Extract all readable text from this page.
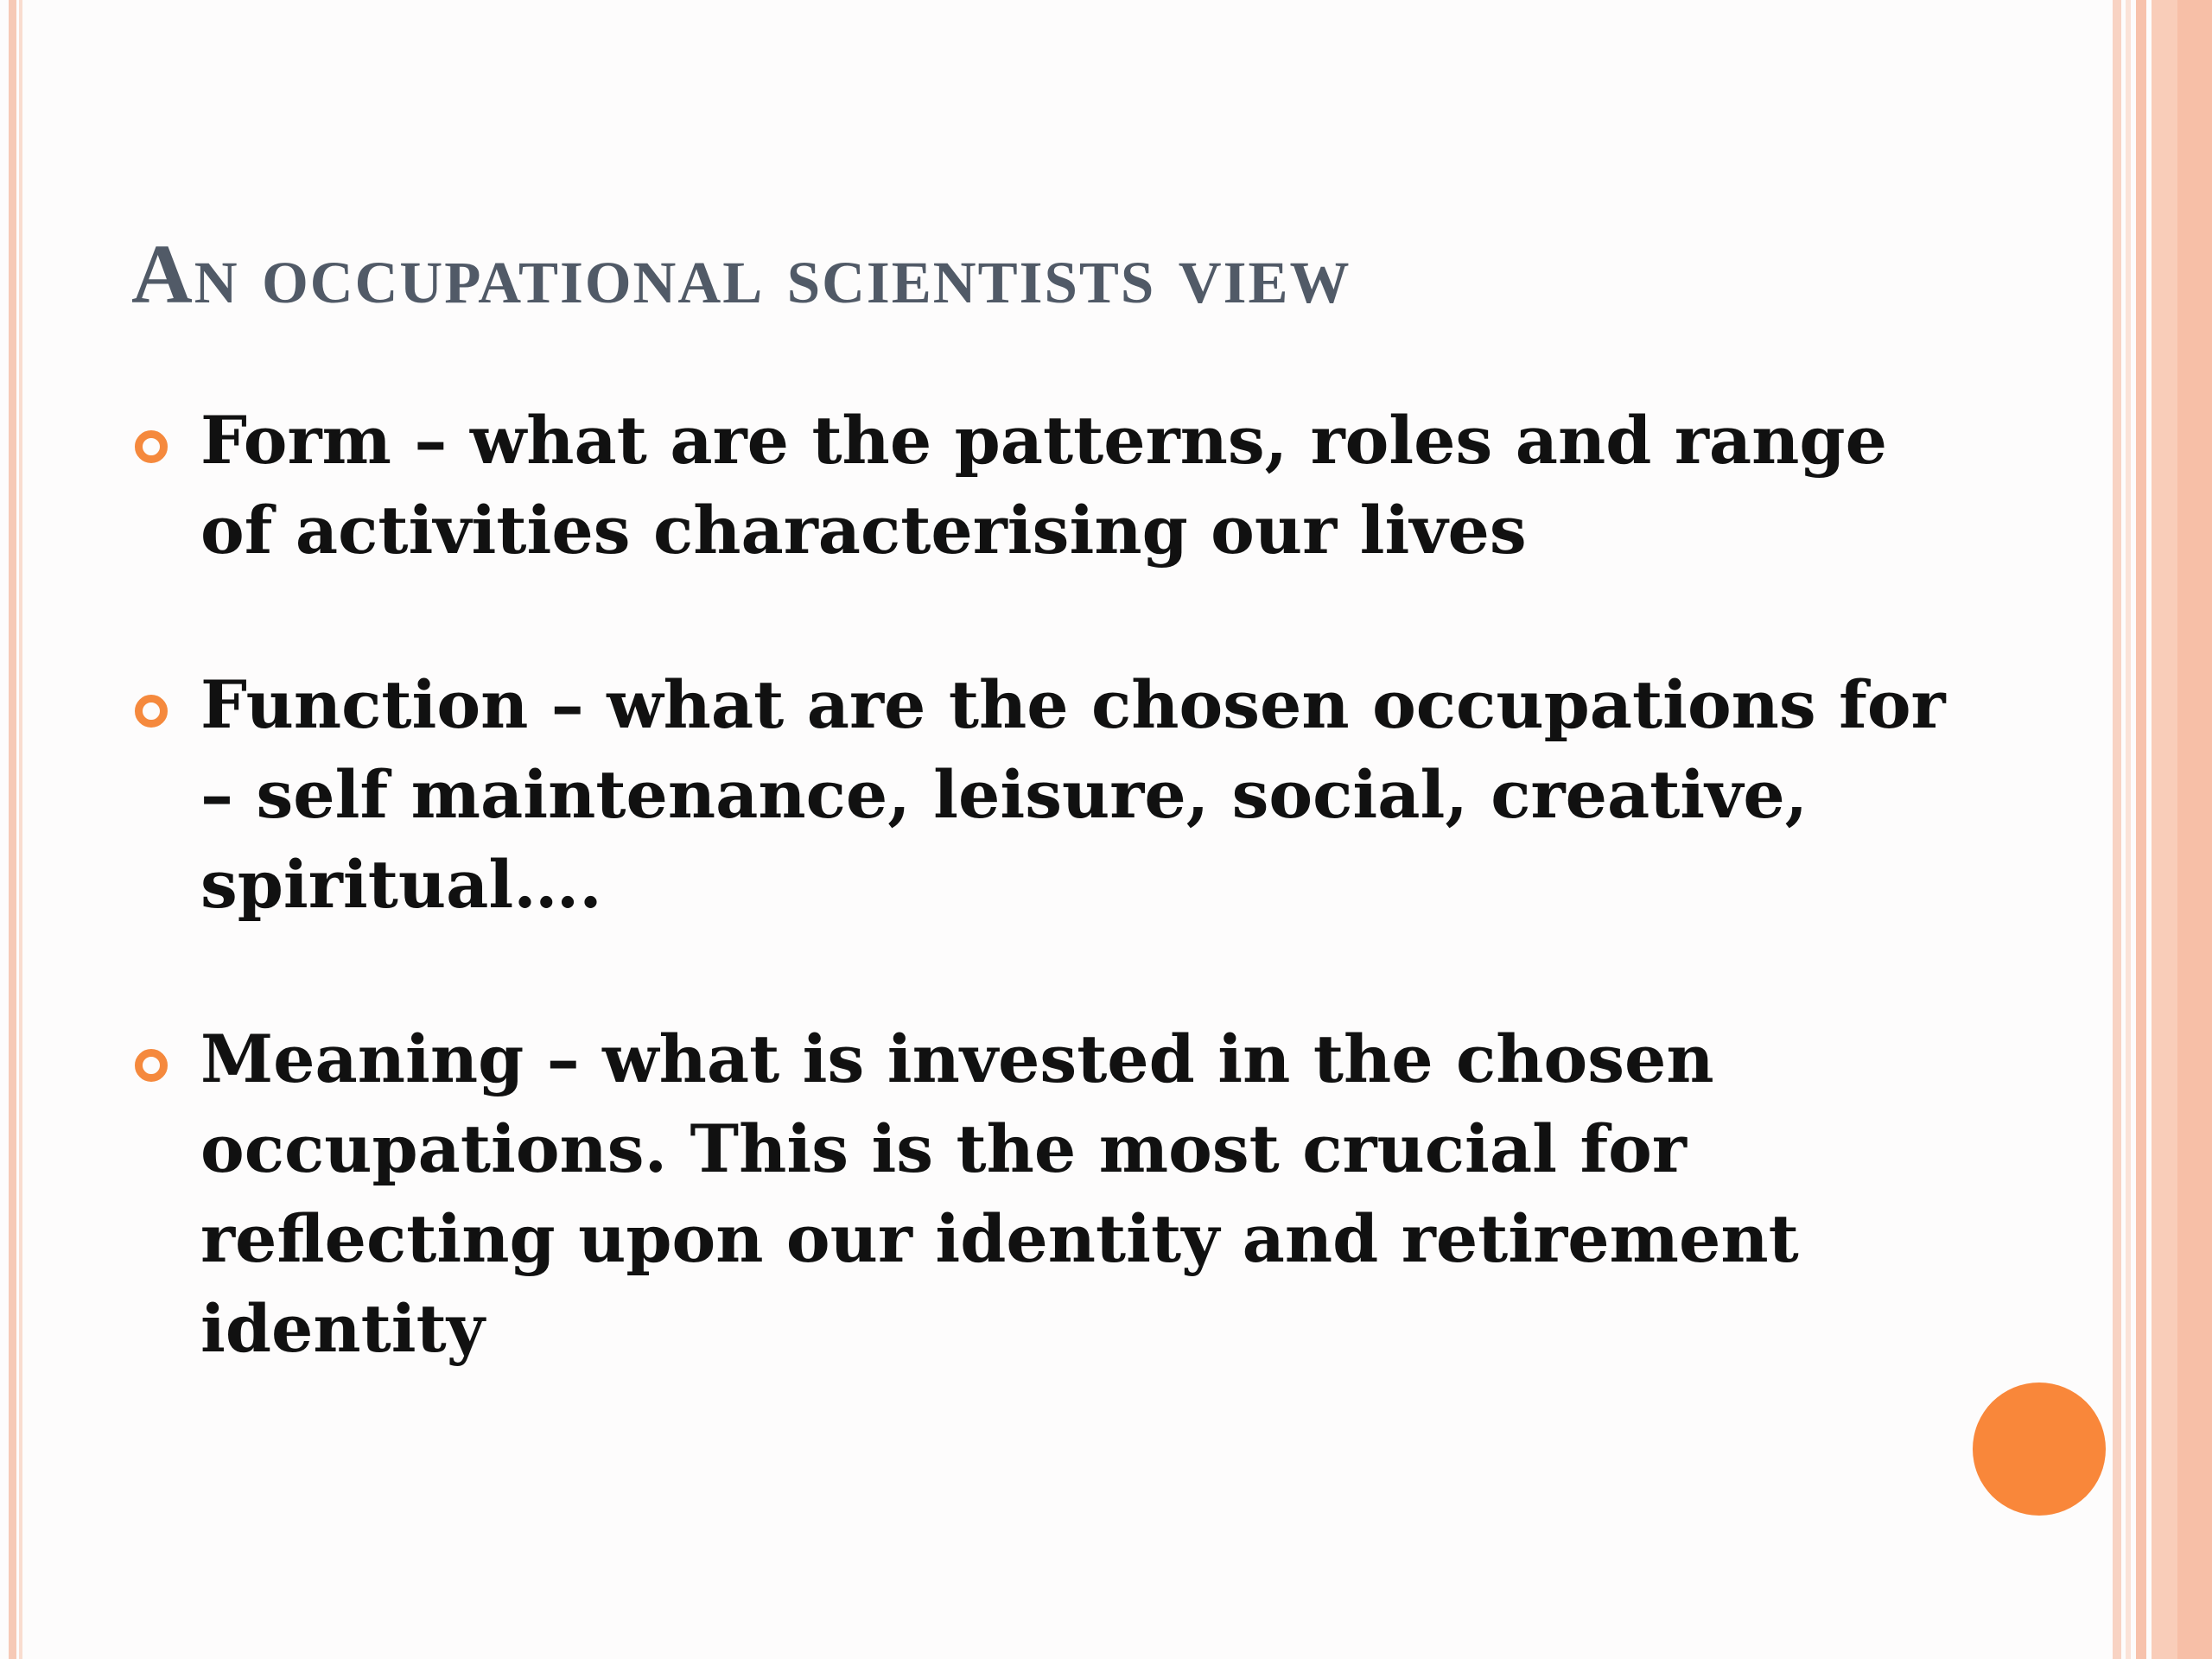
An occupational scientists view
Form – what are the patterns, roles and range of activities characterising our lives
Function – what are the chosen occupations for – self maintenance, leisure, social, creative, spiritual….
Meaning – what is invested in the chosen occupations. This is the most crucial for reflecting upon our identity and retirement identity
